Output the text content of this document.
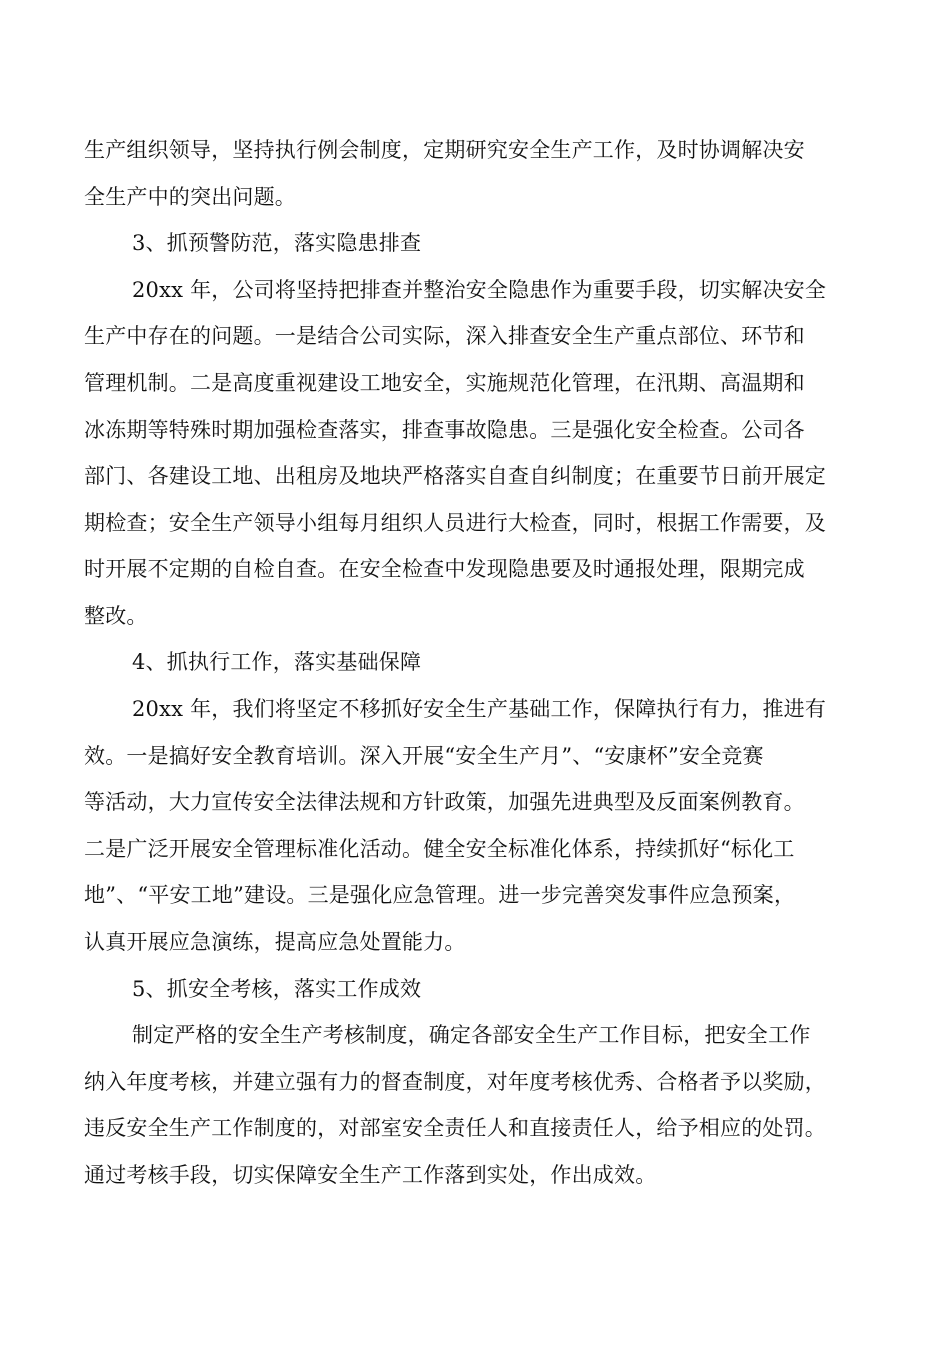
生产组织领导，坚持执行例会制度，定期研究安全生产工作，及时协调解决安
全生产中的突出问题。
3、抓预警防范，落实隐患排查
20xx 年，公司将坚持把排查并整治安全隐患作为重要手段，切实解决安全
生产中存在的问题。一是结合公司实际，深入排查安全生产重点部位、环节和
管理机制。二是高度重视建设工地安全，实施规范化管理，在汛期、高温期和
冰冻期等特殊时期加强检查落实，排查事故隐患。三是强化安全检查。公司各
部门、各建设工地、出租房及地块严格落实自查自纠制度；在重要节日前开展定
期检查；安全生产领导小组每月组织人员进行大检查，同时，根据工作需要，及
时开展不定期的自检自查。在安全检查中发现隐患要及时通报处理，限期完成
整改。
4、抓执行工作，落实基础保障
20xx 年，我们将坚定不移抓好安全生产基础工作，保障执行有力，推进有
效。一是搞好安全教育培训。深入开展“安全生产月”、“安康杯”安全竞赛
等活动，大力宣传安全法律法规和方针政策，加强先进典型及反面案例教育。
二是广泛开展安全管理标准化活动。健全安全标准化体系，持续抓好“标化工
地”、“平安工地”建设。三是强化应急管理。进一步完善突发事件应急预案，
认真开展应急演练，提高应急处置能力。
5、抓安全考核，落实工作成效
制定严格的安全生产考核制度，确定各部安全生产工作目标，把安全工作
纳入年度考核，并建立强有力的督查制度，对年度考核优秀、合格者予以奖励，
违反安全生产工作制度的，对部室安全责任人和直接责任人，给予相应的处罚。
通过考核手段，切实保障安全生产工作落到实处，作出成效。
